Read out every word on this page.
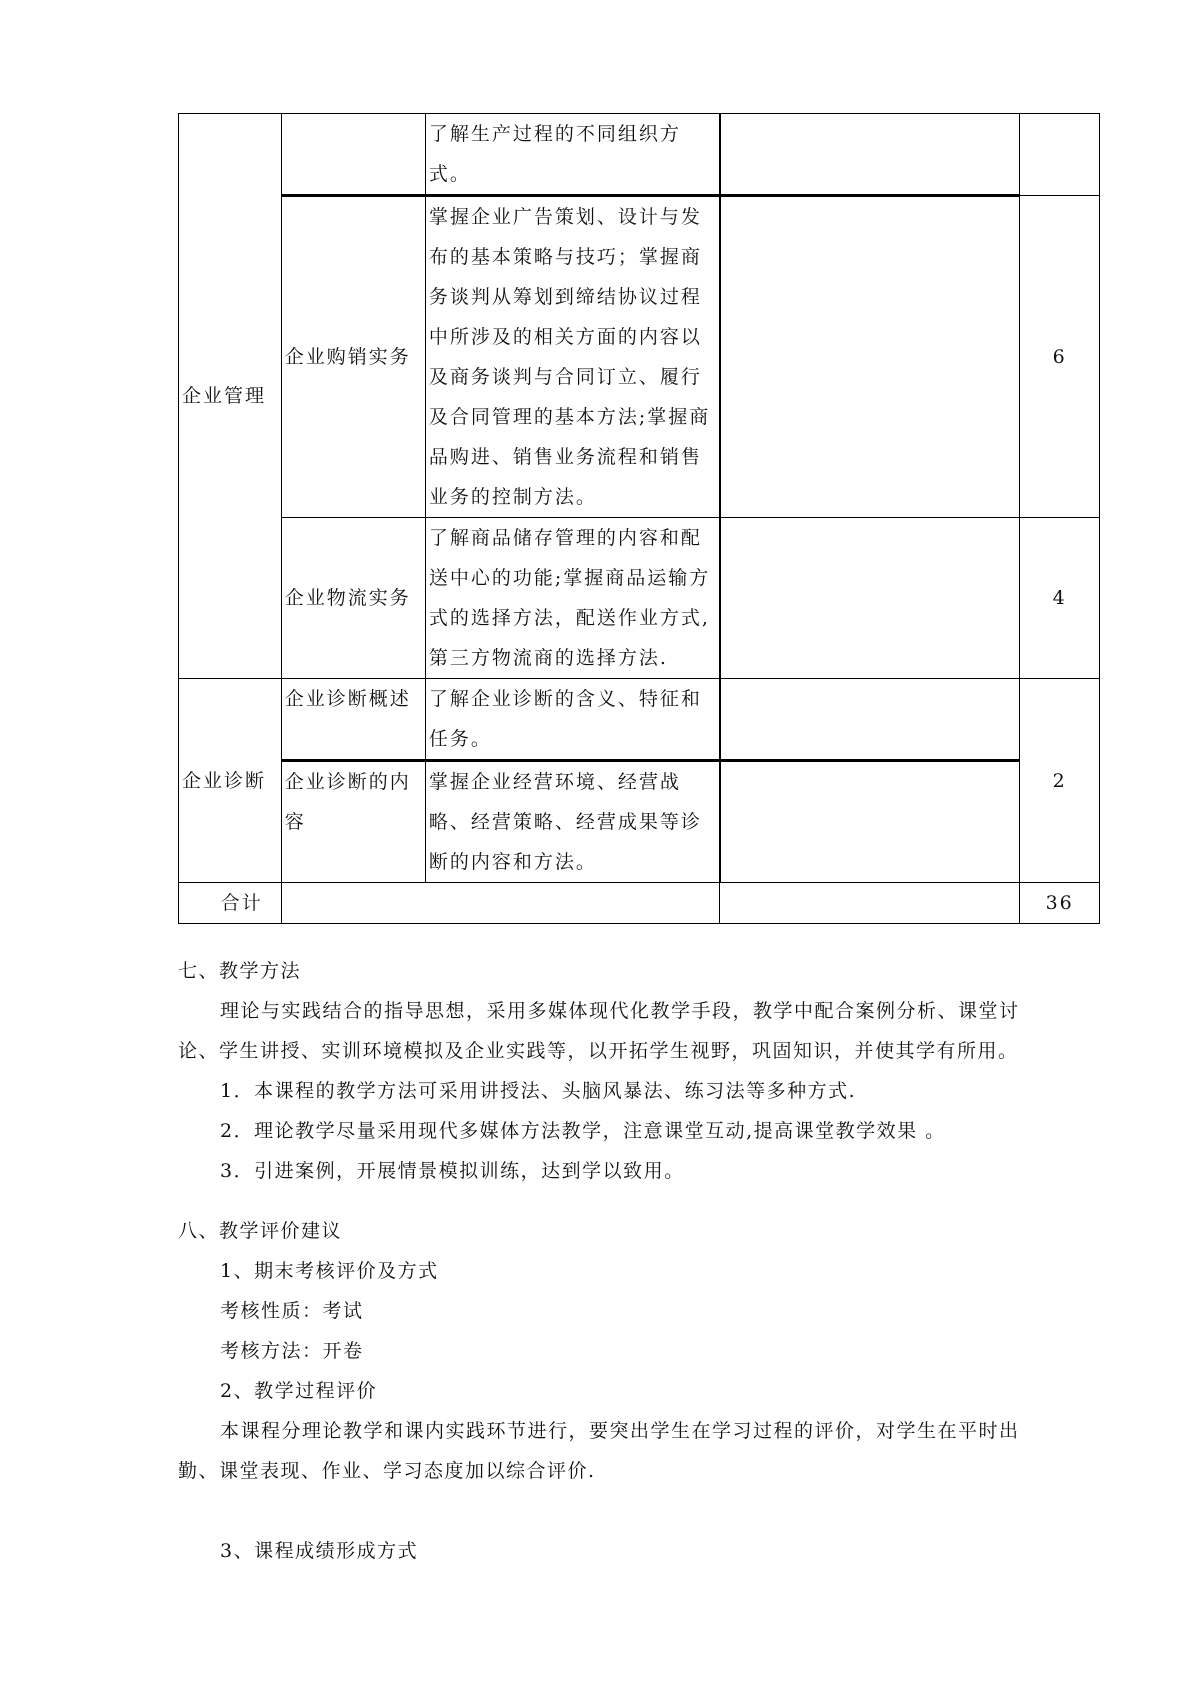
企业管理		了解生产过程的不同组织方式。		
	企业购销实务	掌握企业广告策划、设计与发布的基本策略与技巧；掌握商务谈判从筹划到缔结协议过程中所涉及的相关方面的内容以及商务谈判与合同订立、履行及合同管理的基本方法;掌握商品购进、销售业务流程和销售业务的控制方法。		6
	企业物流实务	了解商品储存管理的内容和配送中心的功能;掌握商品运输方式的选择方法，配送作业方式,第三方物流商的选择方法.		4
企业诊断	企业诊断概述	了解企业诊断的含义、特征和任务。		2
	企业诊断的内容	掌握企业经营环境、经营战略、经营策略、经营成果等诊断的内容和方法。		
合计				36

七、教学方法

理论与实践结合的指导思想，采用多媒体现代化教学手段，教学中配合案例分析、课堂讨论、学生讲授、实训环境模拟及企业实践等，以开拓学生视野，巩固知识，并使其学有所用。

1．本课程的教学方法可采用讲授法、头脑风暴法、练习法等多种方式.

2．理论教学尽量采用现代多媒体方法教学，注意课堂互动,提高课堂教学效果 。

3．引进案例，开展情景模拟训练，达到学以致用。

八、教学评价建议

1、期末考核评价及方式

考核性质：考试

考核方法：开卷

2、教学过程评价

本课程分理论教学和课内实践环节进行，要突出学生在学习过程的评价，对学生在平时出勤、课堂表现、作业、学习态度加以综合评价.

3、课程成绩形成方式
